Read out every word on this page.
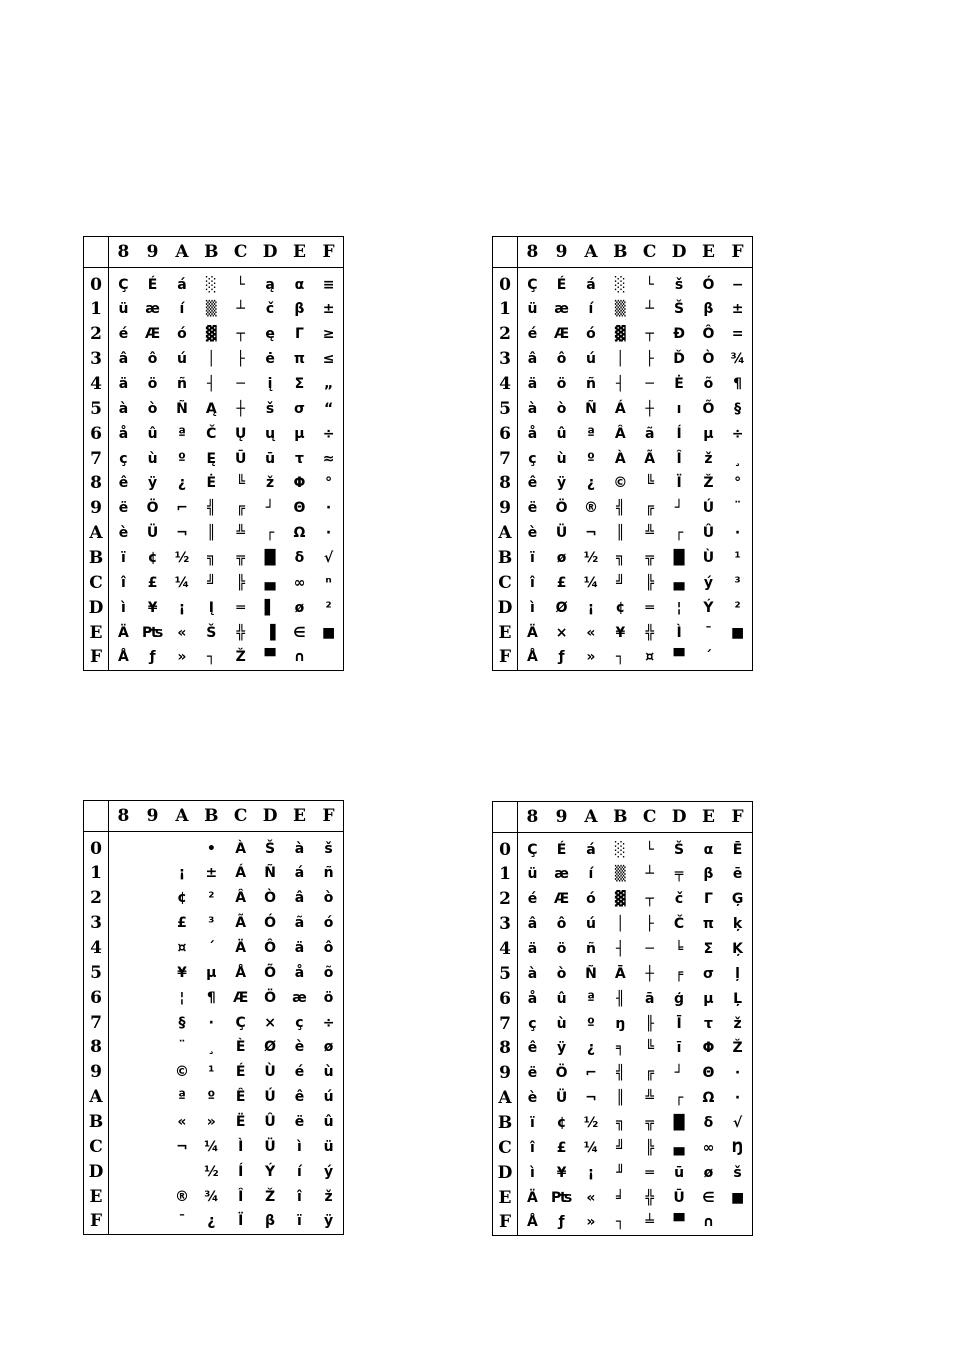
	8	9	A	B	C	D	E	F
0	Ç	É	á	░	└	ą	α	≡
1	ü	æ	í	▒	┴	č	β	±
2	é	Æ	ó	▓	┬	ę	Γ	≥
3	â	ô	ú	│	├	ė	π	≤
4	ä	ö	ñ	┤	─	į	Σ	„
5	à	ò	Ñ	Ą	┼	š	σ	“
6	å	û	ª	Č	Ų	ų	µ	÷
7	ç	ù	º	Ę	Ū	ū	τ	≈
8	ê	ÿ	¿	Ė	╚	ž	Φ	°
9	ë	Ö	⌐	╣	╔	┘	Θ	∙
A	è	Ü	¬	║	╩	┌	Ω	·
B	ï	¢	½	╗	╦	█	δ	√
C	î	£	¼	╝	╠	▄	∞	ⁿ
D	ì	¥	¡	Į	═	▌	ø	²
E	Ä	₧	«	Š	╬	▐	∈	■
F	Å	ƒ	»	┐	Ž	▀	∩	
	8	9	A	B	C	D	E	F
0	Ç	É	á	░	└	š	Ó	−
1	ü	æ	í	▒	┴	Š	β	±
2	é	Æ	ó	▓	┬	Ð	Ô	=
3	â	ô	ú	│	├	Ď	Ò	¾
4	ä	ö	ñ	┤	─	Ė	õ	¶
5	à	ò	Ñ	Á	┼	ı	Õ	§
6	å	û	ª	Â	ã	Í	µ	÷
7	ç	ù	º	À	Ã	Î	ž	¸
8	ê	ÿ	¿	©	╚	Ï	Ž	°
9	ë	Ö	®	╣	╔	┘	Ú	¨
A	è	Ü	¬	║	╩	┌	Û	·
B	ï	ø	½	╗	╦	█	Ù	¹
C	î	£	¼	╝	╠	▄	ý	³
D	ì	Ø	¡	¢	═	¦	Ý	²
E	Ä	×	«	¥	╬	Ì	¯	■
F	Å	ƒ	»	┐	¤	▀	´	
	8	9	A	B	C	D	E	F
0				•	À	Š	à	š
1			¡	±	Á	Ñ	á	ñ
2			¢	²	Â	Ò	â	ò
3			£	³	Ã	Ó	ã	ó
4			¤	´	Ä	Ô	ä	ô
5			¥	µ	Å	Õ	å	õ
6			¦	¶	Æ	Ö	æ	ö
7			§	·	Ç	×	ç	÷
8			¨	¸	È	Ø	è	ø
9			©	¹	É	Ù	é	ù
A			ª	º	Ê	Ú	ê	ú
B			«	»	Ë	Û	ë	û
C			¬	¼	Ì	Ü	ì	ü
D				½	Í	Ý	í	ý
E			®	¾	Î	Ž	î	ž
F			¯	¿	Ï	β	ï	ÿ
	8	9	A	B	C	D	E	F
0	Ç	É	á	░	└	Š	α	Ē
1	ü	æ	í	▒	┴	╤	β	ē
2	é	Æ	ó	▓	┬	č	Γ	Ģ
3	â	ô	ú	│	├	Č	π	ķ
4	ä	ö	ñ	┤	─	╘	Σ	Ķ
5	à	ò	Ñ	Ā	┼	╒	σ	ļ
6	å	û	ª	╢	ā	ģ	µ	Ļ
7	ç	ù	º	ŋ	╟	Ī	τ	ž
8	ê	ÿ	¿	╕	╚	ī	Φ	Ž
9	ë	Ö	⌐	╣	╔	┘	Θ	∙
A	è	Ü	¬	║	╩	┌	Ω	·
B	ï	¢	½	╗	╦	█	δ	√
C	î	£	¼	╝	╠	▄	∞	Ŋ
D	ì	¥	¡	╜	═	ū	ø	š
E	Ä	₧	«	╛	╬	Ū	∈	■
F	Å	ƒ	»	┐	╧	▀	∩	
